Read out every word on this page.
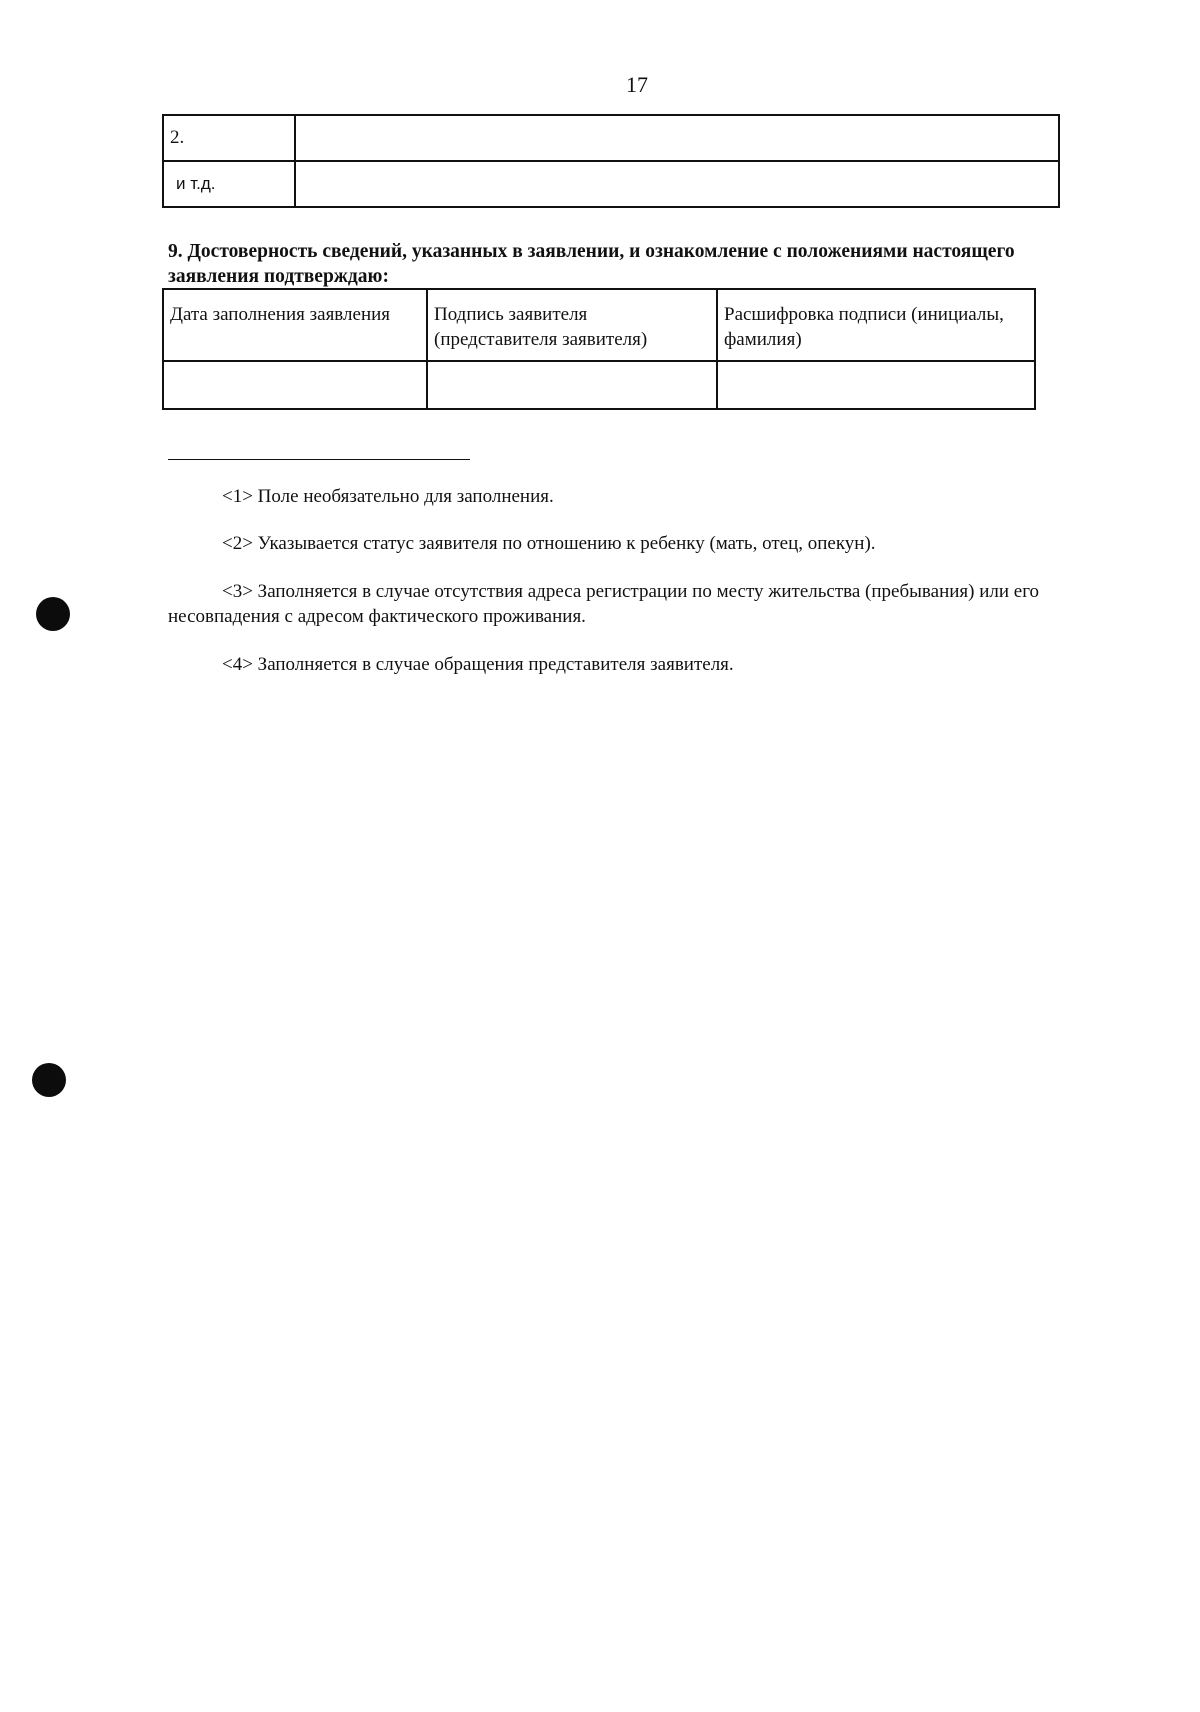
17
2.	
и т.д.	
9. Достоверность сведений, указанных в заявлении, и ознакомление с положениями настоящего заявления подтверждаю:
Дата заполнения заявления	Подпись заявителя (представителя заявителя)	Расшифровка подписи (инициалы, фамилия)

<1> Поле необязательно для заполнения.
<2> Указывается статус заявителя по отношению к ребенку (мать, отец, опекун).
<3> Заполняется в случае отсутствия адреса регистрации по месту жительства (пребывания) или его несовпадения с адресом фактического проживания.
<4> Заполняется в случае обращения представителя заявителя.
